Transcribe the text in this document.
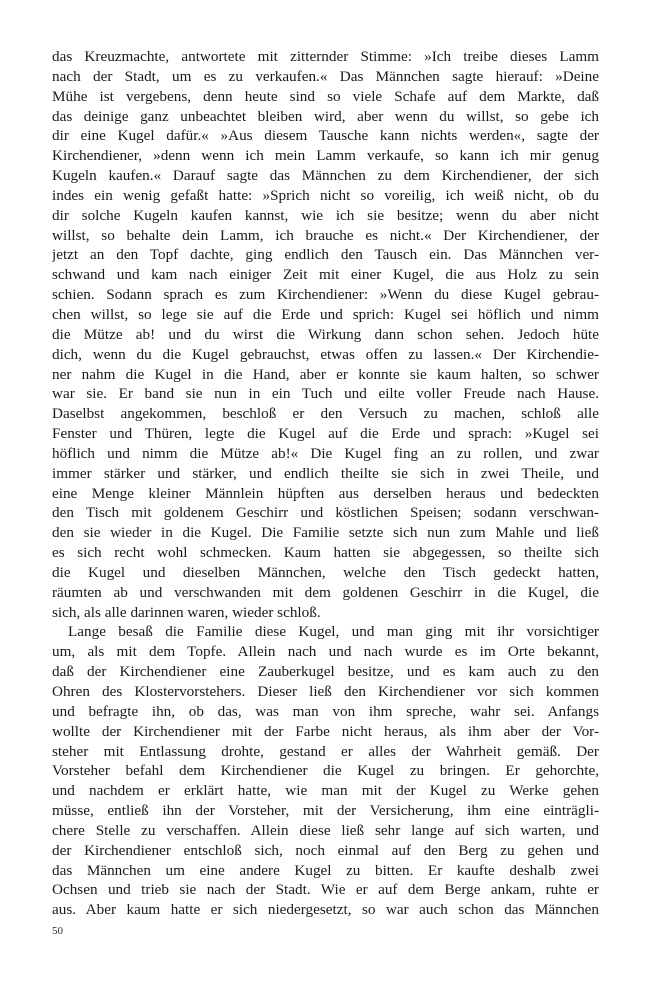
das Kreuzmachte, antwortete mit zitternder Stimme: »Ich treibe dieses Lamm
nach der Stadt, um es zu verkaufen.« Das Männchen sagte hierauf: »Deine
Mühe ist vergebens, denn heute sind so viele Schafe auf dem Markte, daß
das deinige ganz unbeachtet bleiben wird, aber wenn du willst, so gebe ich
dir eine Kugel dafür.« »Aus diesem Tausche kann nichts werden«, sagte der
Kirchendiener, »denn wenn ich mein Lamm verkaufe, so kann ich mir genug
Kugeln kaufen.« Darauf sagte das Männchen zu dem Kirchendiener, der sich
indes ein wenig gefaßt hatte: »Sprich nicht so voreilig, ich weiß nicht, ob du
dir solche Kugeln kaufen kannst, wie ich sie besitze; wenn du aber nicht
willst, so behalte dein Lamm, ich brauche es nicht.« Der Kirchendiener, der
jetzt an den Topf dachte, ging endlich den Tausch ein. Das Männchen ver-
schwand und kam nach einiger Zeit mit einer Kugel, die aus Holz zu sein
schien. Sodann sprach es zum Kirchendiener: »Wenn du diese Kugel gebrau-
chen willst, so lege sie auf die Erde und sprich: Kugel sei höflich und nimm
die Mütze ab! und du wirst die Wirkung dann schon sehen. Jedoch hüte
dich, wenn du die Kugel gebrauchst, etwas offen zu lassen.« Der Kirchendie-
ner nahm die Kugel in die Hand, aber er konnte sie kaum halten, so schwer
war sie. Er band sie nun in ein Tuch und eilte voller Freude nach Hause.
Daselbst angekommen, beschloß er den Versuch zu machen, schloß alle
Fenster und Thüren, legte die Kugel auf die Erde und sprach: »Kugel sei
höflich und nimm die Mütze ab!« Die Kugel fing an zu rollen, und zwar
immer stärker und stärker, und endlich theilte sie sich in zwei Theile, und
eine Menge kleiner Männlein hüpften aus derselben heraus und bedeckten
den Tisch mit goldenem Geschirr und köstlichen Speisen; sodann verschwan-
den sie wieder in die Kugel. Die Familie setzte sich nun zum Mahle und ließ
es sich recht wohl schmecken. Kaum hatten sie abgegessen, so theilte sich
die Kugel und dieselben Männchen, welche den Tisch gedeckt hatten,
räumten ab und verschwanden mit dem goldenen Geschirr in die Kugel, die
sich, als alle darinnen waren, wieder schloß.
Lange besaß die Familie diese Kugel, und man ging mit ihr vorsichtiger
um, als mit dem Topfe. Allein nach und nach wurde es im Orte bekannt,
daß der Kirchendiener eine Zauberkugel besitze, und es kam auch zu den
Ohren des Klostervorstehers. Dieser ließ den Kirchendiener vor sich kommen
und befragte ihn, ob das, was man von ihm spreche, wahr sei. Anfangs
wollte der Kirchendiener mit der Farbe nicht heraus, als ihm aber der Vor-
steher mit Entlassung drohte, gestand er alles der Wahrheit gemäß. Der
Vorsteher befahl dem Kirchendiener die Kugel zu bringen. Er gehorchte,
und nachdem er erklärt hatte, wie man mit der Kugel zu Werke gehen
müsse, entließ ihn der Vorsteher, mit der Versicherung, ihm eine einträgli-
chere Stelle zu verschaffen. Allein diese ließ sehr lange auf sich warten, und
der Kirchendiener entschloß sich, noch einmal auf den Berg zu gehen und
das Männchen um eine andere Kugel zu bitten. Er kaufte deshalb zwei
Ochsen und trieb sie nach der Stadt. Wie er auf dem Berge ankam, ruhte er
aus. Aber kaum hatte er sich niedergesetzt, so war auch schon das Männchen
50
